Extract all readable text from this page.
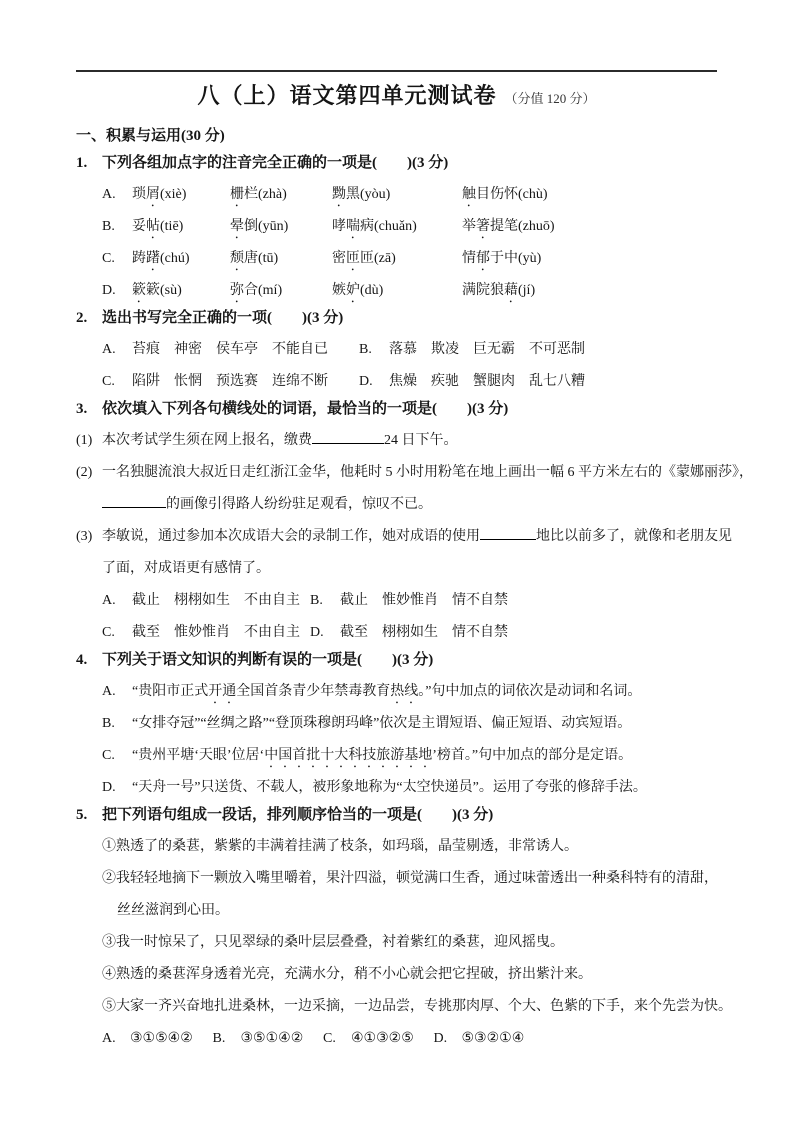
八（上）语文第四单元测试卷 （分值 120 分）
一、积累与运用(30 分)
1. 下列各组加点字的注音完全正确的一项是(　　)(3 分)
A. 琐屑(xiè)	栅栏(zhà)	黝黑(yòu)	触目伤怀(chù)
B. 妥帖(tiē)	晕倒(yūn)	哮喘病(chuǎn)	举箸提笔(zhuō)
C. 踌躇(chú)	颓唐(tū)	密匝匝(zā)	情郁于中(yù)
D. 簌簌(sù)	弥合(mí)	嫉妒(dù)	满院狼藉(jí)
2. 选出书写完全正确的一项(　　)(3 分)
A. 苔痕　神密　侯车亭　不能自已	B. 落慕　欺凌　巨无霸　不可恶制
C. 陷阱　怅惘　预选赛　连绵不断	D. 焦燥　疾驰　蟹腿肉　乱七八糟
3. 依次填入下列各句横线处的词语，最恰当的一项是(　　)(3 分)
(1) 本次考试学生须在网上报名，缴费	24 日下午。
(2) 一名独腿流浪大叔近日走红浙江金华，他耗时 5 小时用粉笔在地上画出一幅 6 平方米左右的《蒙娜丽莎》，
的画像引得路人纷纷驻足观看，惊叹不已。
(3) 李敏说，通过参加本次成语大会的录制工作，她对成语的使用	地比以前多了，就像和老朋友见
了面，对成语更有感情了。
A. 截止　栩栩如生　不由自主 B. 截止　惟妙惟肖　情不自禁
C. 截至　惟妙惟肖　不由自主 D. 截至　栩栩如生　情不自禁
4. 下列关于语文知识的判断有误的一项是(　　)(3 分)
A. “贵阳市正式开通全国首条青少年禁毒教育热线。”句中加点的词依次是动词和名词。
B. “女排夺冠”“丝绸之路”“登顶珠穆朗玛峰”依次是主谓短语、偏正短语、动宾短语。
C. “贵州平塘‘天眼’位居‘中国首批十大科技旅游基地’榜首。”句中加点的部分是定语。
D. “天舟一号”只送货、不载人，被形象地称为“太空快递员”。运用了夸张的修辞手法。
5. 把下列语句组成一段话，排列顺序恰当的一项是(　　)(3 分)
①熟透了的桑葚，紫紫的丰满着挂满了枝条，如玛瑙，晶莹剔透，非常诱人。
②我轻轻地摘下一颗放入嘴里嚼着，果汁四溢，顿觉满口生香，通过味蕾透出一种桑科特有的清甜，
丝丝滋润到心田。
③我一时惊呆了，只见翠绿的桑叶层层叠叠，衬着紫红的桑葚，迎风摇曳。
④熟透的桑葚浑身透着光亮，充满水分，稍不小心就会把它捏破，挤出紫汁来。
⑤大家一齐兴奋地扎进桑林，一边采摘，一边品尝，专挑那肉厚、个大、色紫的下手，来个先尝为快。
A. ③①⑤④② B. ③⑤①④② C. ④①③②⑤ D. ⑤③②①④
